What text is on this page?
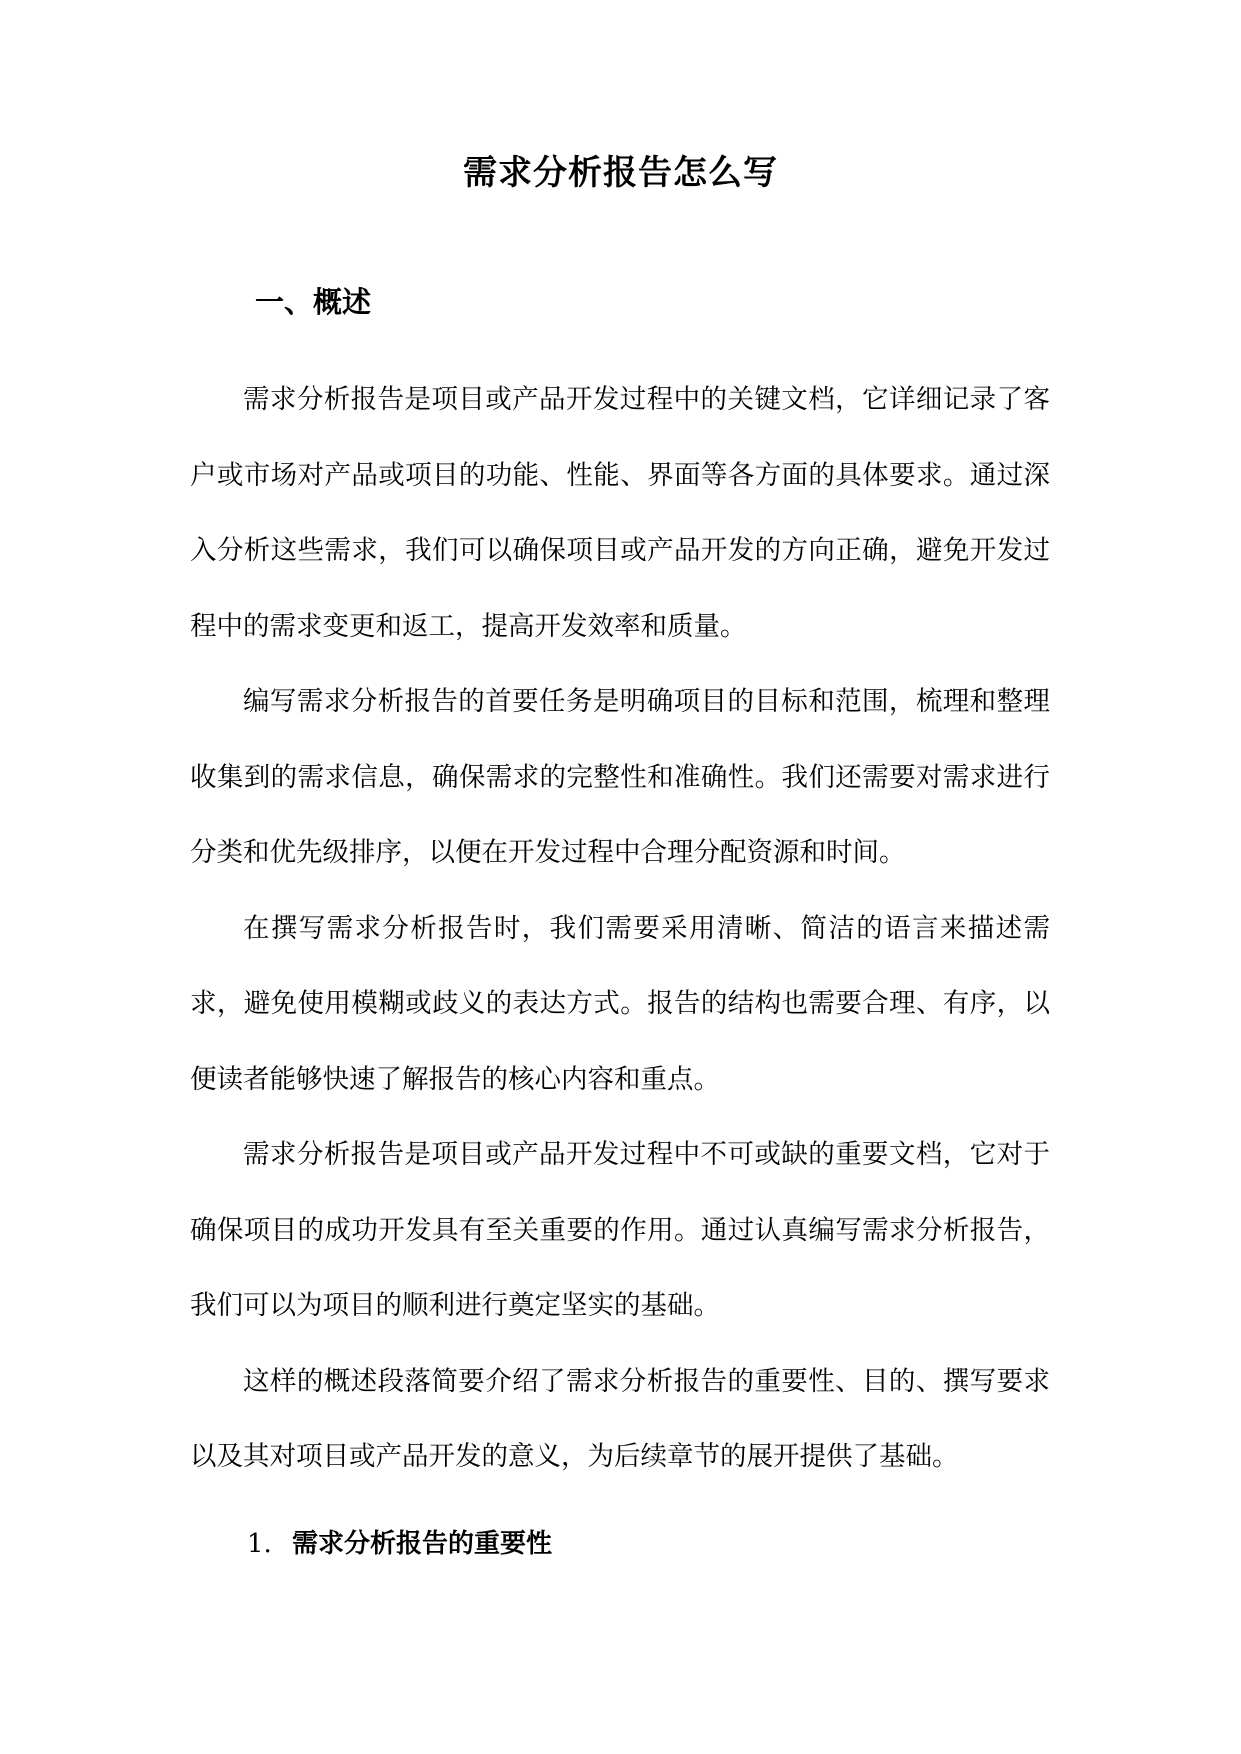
需求分析报告怎么写
一、概述

需求分析报告是项目或产品开发过程中的关键文档，它详细记录了客户或市场对产品或项目的功能、性能、界面等各方面的具体要求。通过深入分析这些需求，我们可以确保项目或产品开发的方向正确，避免开发过程中的需求变更和返工，提高开发效率和质量。

编写需求分析报告的首要任务是明确项目的目标和范围，梳理和整理收集到的需求信息，确保需求的完整性和准确性。我们还需要对需求进行分类和优先级排序，以便在开发过程中合理分配资源和时间。

在撰写需求分析报告时，我们需要采用清晰、简洁的语言来描述需求，避免使用模糊或歧义的表达方式。报告的结构也需要合理、有序，以便读者能够快速了解报告的核心内容和重点。

需求分析报告是项目或产品开发过程中不可或缺的重要文档，它对于确保项目的成功开发具有至关重要的作用。通过认真编写需求分析报告，我们可以为项目的顺利进行奠定坚实的基础。

这样的概述段落简要介绍了需求分析报告的重要性、目的、撰写要求以及其对项目或产品开发的意义，为后续章节的展开提供了基础。

1. 需求分析报告的重要性
